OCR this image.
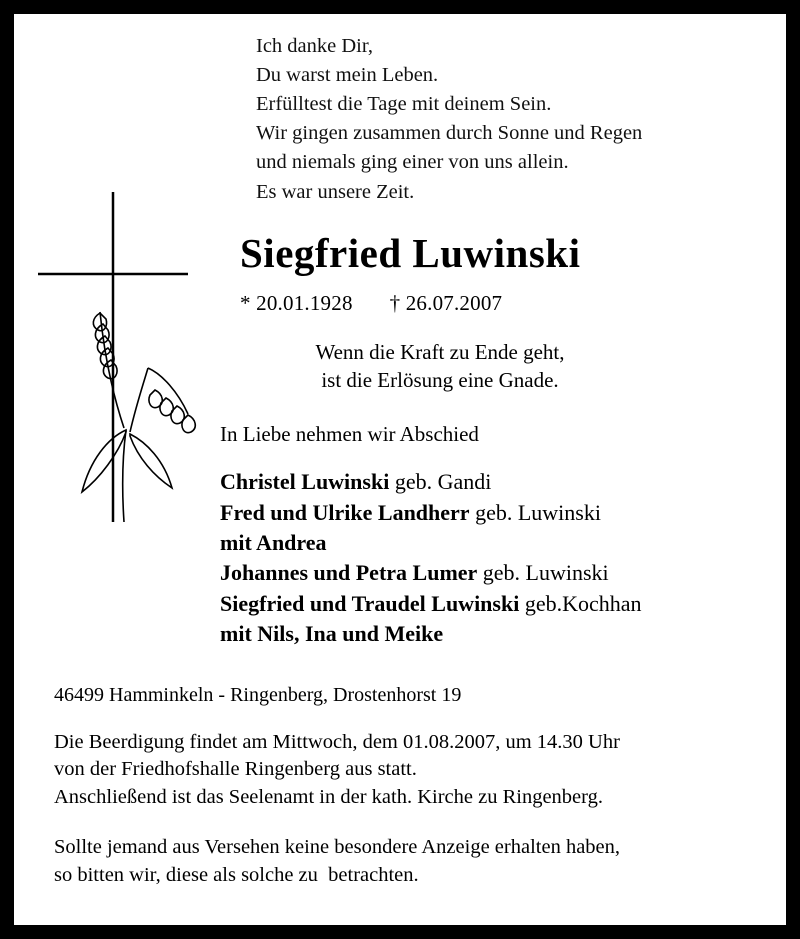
Ich danke Dir,
Du warst mein Leben.
Erfülltest die Tage mit deinem Sein.
Wir gingen zusammen durch Sonne und Regen
und niemals ging einer von uns allein.
Es war unsere Zeit.
Siegfried Luwinski
* 20.01.1928 † 26.07.2007
Wenn die Kraft zu Ende geht,
ist die Erlösung eine Gnade.
In Liebe nehmen wir Abschied
Christel Luwinski geb. Gandi
Fred und Ulrike Landherr geb. Luwinski
mit Andrea
Johannes und Petra Lumer geb. Luwinski
Siegfried und Traudel Luwinski geb.Kochhan
mit Nils, Ina und Meike
46499 Hamminkeln - Ringenberg, Drostenhorst 19
Die Beerdigung findet am Mittwoch, dem 01.08.2007, um 14.30 Uhr
von der Friedhofshalle Ringenberg aus statt.
Anschließend ist das Seelenamt in der kath. Kirche zu Ringenberg.
Sollte jemand aus Versehen keine besondere Anzeige erhalten haben,
so bitten wir, diese als solche zu  betrachten.
